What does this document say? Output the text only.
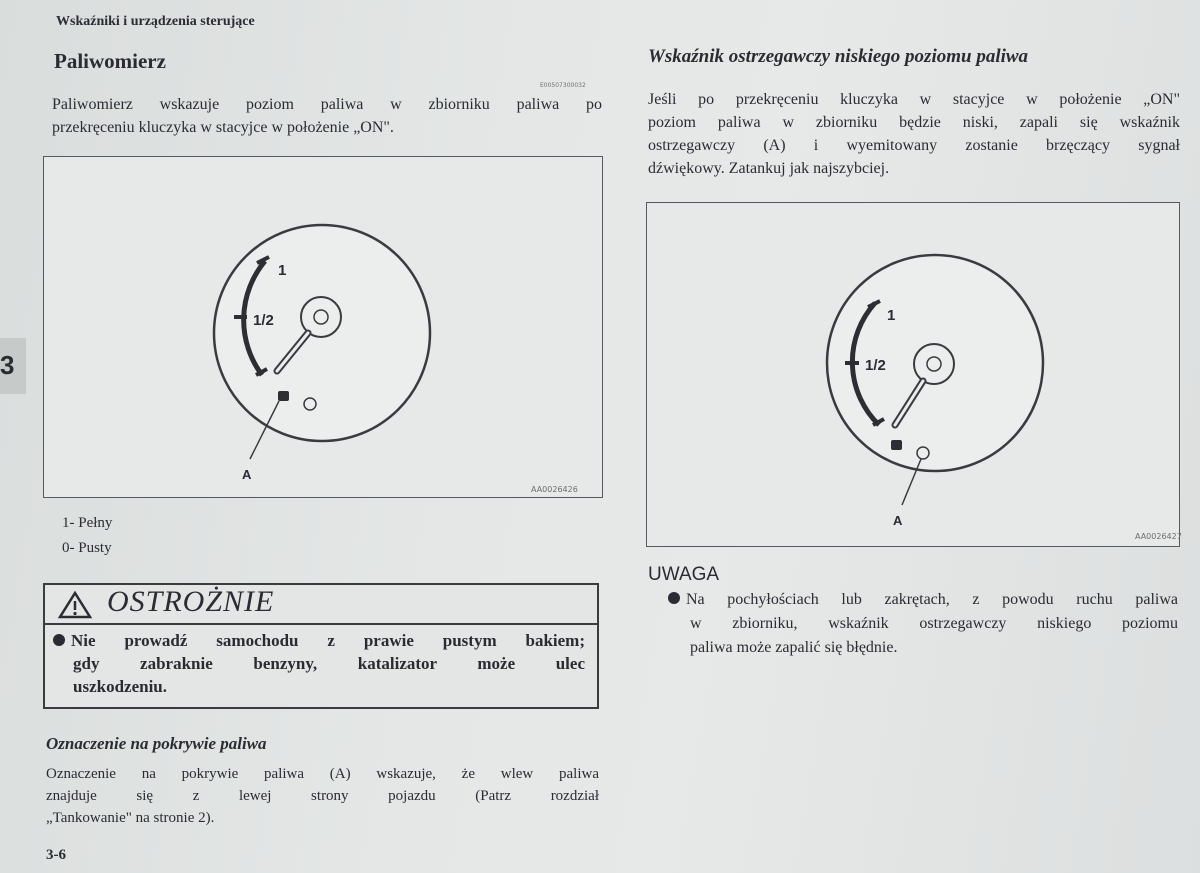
Wskaźniki i urządzenia sterujące
Paliwomierz
E00507300032
Paliwomierz wskazuje poziom paliwa w zbiorniku paliwa po
przekręceniu kluczyka w stacyjce w położenie „ON".
1
1/2
A
AA0026426
1- Pełny
0- Pusty
OSTROŻNIE
Nie prowadź samochodu z prawie pustym bakiem;
gdy zabraknie benzyny, katalizator może ulec
uszkodzeniu.
Oznaczenie na pokrywie paliwa
Oznaczenie na pokrywie paliwa (A) wskazuje, że wlew paliwa
znajduje się z lewej strony pojazdu (Patrz rozdział
„Tankowanie" na stronie 2).
3
3-6
Wskaźnik ostrzegawczy niskiego poziomu paliwa
Jeśli po przekręceniu kluczyka w stacyjce w położenie „ON"
poziom paliwa w zbiorniku będzie niski, zapali się wskaźnik
ostrzegawczy (A) i wyemitowany zostanie brzęczący sygnał
dźwiękowy. Zatankuj jak najszybciej.
1
1/2
A
AA0026427
UWAGA
Na pochyłościach lub zakrętach, z powodu ruchu paliwa
w zbiorniku, wskaźnik ostrzegawczy niskiego poziomu
paliwa może zapalić się błędnie.
